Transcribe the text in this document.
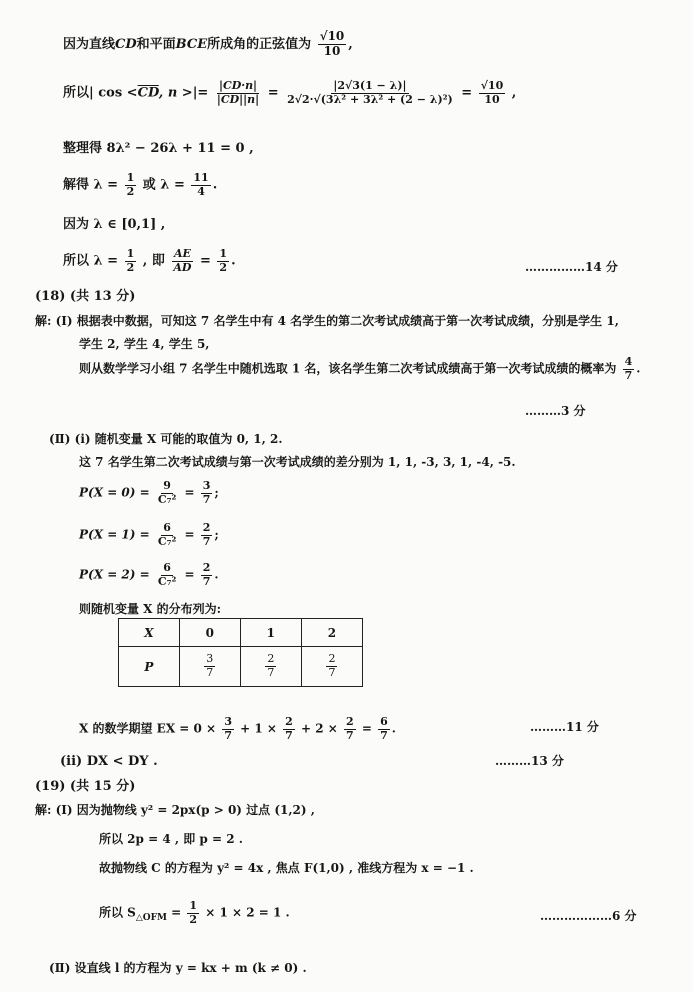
因为直线CD和平面BCE所成角的正弦值为 $\frac{√10}{10}$ ,
所以| $\cos <\overline{CD}$, n >|= $\frac{|CD\cdot n|}{|CD||n|} = \frac{|2√3(1 - \lambda)|}{\text{2√2·√(3λ² + 3λ² + (2 − λ)²)}} = \frac{√10}{10}$ ,
整理得 8λ² − 26λ + 11 = 0 ,
解得 $\lambda = \frac{1}{2}$ 或 $\lambda = \frac{11}{4}$ .
因为 λ ∈ [0,1] ,
所以 $\lambda = \frac{1}{2}$ , 即 $\frac{AE}{AD} = \frac{1}{2}$ .	……………14 分
(18) (共 13 分)
解: (Ⅰ) 根据表中数据，可知这 7 名学生中有 4 名学生的第二次考试成绩高于第一次考试成绩，分别是学生 1,
学生 2, 学生 4, 学生 5,
则从数学学习小组 7 名学生中随机选取 1 名，该名学生第二次考试成绩高于第一次考试成绩的概率为 $\frac{4}{7}$ .
………3 分
(Ⅱ) (i) 随机变量 X 可能的取值为 0, 1, 2.
这 7 名学生第二次考试成绩与第一次考试成绩的差分别为 1, 1, -3, 3, 1, -4, -5.
$P(X = 0) = \frac{9}{\text{C₇²}} = \frac{3}{7}$ ;
$P(X = 1) = \frac{6}{\text{C₇²}} = \frac{2}{7}$ ;
$P(X = 2) = \frac{6}{\text{C₇²}} = \frac{2}{7}$ .
则随机变量 X 的分布列为:
X	0	1	2
P	$\frac{3}{7}$	$\frac{2}{7}$	$\frac{2}{7}$
X 的数学期望 EX = $0 \times \frac{3}{7} + 1 \times \frac{2}{7} + 2 \times \frac{2}{7} = \frac{6}{7}$ .	………11 分
(ii) DX < DY .	………13 分
(19) (共 15 分)
解: (Ⅰ) 因为抛物线 y² = 2px(p > 0) 过点 (1,2) ,
所以 2p = 4 , 即 p = 2 .
故抛物线 C 的方程为 y² = 4x , 焦点 F(1,0) , 准线方程为 x = −1 .
所以 $S_{\triangle OFM} = \frac{1}{2} \times 1 \times 2 = 1$ .	………………6 分
(Ⅱ) 设直线 l 的方程为 y = kx + m (k ≠ 0) .
